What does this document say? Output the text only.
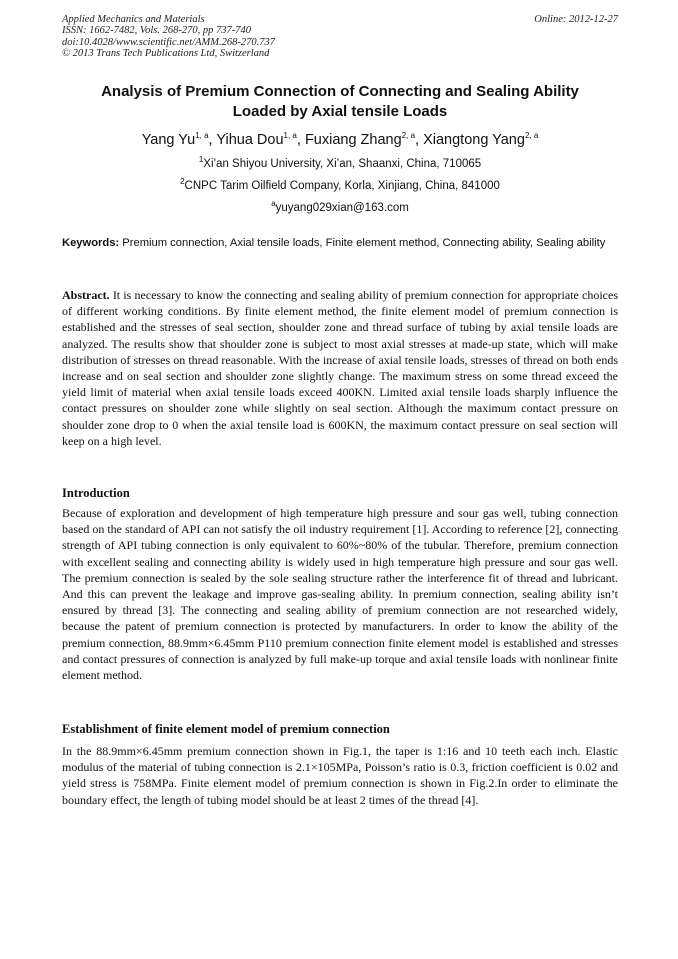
Applied Mechanics and Materials
ISSN: 1662-7482, Vols. 268-270, pp 737-740
doi:10.4028/www.scientific.net/AMM.268-270.737
© 2013 Trans Tech Publications Ltd, Switzerland
Online: 2012-12-27
Analysis of Premium Connection of Connecting and Sealing Ability
Loaded by Axial tensile Loads
Yang Yu$^{1, a}$, Yihua Dou$^{1, a}$, Fuxiang Zhang$^{2, a}$, Xiangtong Yang$^{2, a}$
$^1$Xi’an Shiyou University, Xi’an, Shaanxi, China, 710065
$^2$CNPC Tarim Oilfield Company, Korla, Xinjiang, China, 841000
$^a$yuyang029xian@163.com
Keywords: Premium connection, Axial tensile loads, Finite element method, Connecting ability, Sealing ability
Abstract. It is necessary to know the connecting and sealing ability of premium connection for appropriate choices of different working conditions. By finite element method, the finite element model of premium connection is established and the stresses of seal section, shoulder zone and thread surface of tubing by axial tensile loads are analyzed. The results show that shoulder zone is subject to most axial stresses at made-up state, which will make distribution of stresses on thread reasonable. With the increase of axial tensile loads, stresses of thread on both ends increase and on seal section and shoulder zone slightly change. The maximum stress on some thread exceed the yield limit of material when axial tensile loads exceed 400KN. Limited axial tensile loads sharply influence the contact pressures on shoulder zone while slightly on seal section. Although the maximum contact pressure on shoulder zone drop to 0 when the axial tensile load is 600KN, the maximum contact pressure on seal section will keep on a high level.
Introduction
Because of exploration and development of high temperature high pressure and sour gas well, tubing connection based on the standard of API can not satisfy the oil industry requirement [1]. According to reference [2], connecting strength of API tubing connection is only equivalent to 60%~80% of the tubular. Therefore, premium connection with excellent sealing and connecting ability is widely used in high temperature high pressure and sour gas well. The premium connection is sealed by the sole sealing structure rather the interference fit of thread and lubricant. And this can prevent the leakage and improve gas-sealing ability. In premium connection, sealing ability isn’t ensured by thread [3]. The connecting and sealing ability of premium connection are not researched widely, because the patent of premium connection is protected by manufacturers. In order to know the ability of the premium connection, 88.9mm×6.45mm P110 premium connection finite element model is established and stresses and contact pressures of connection is analyzed by full make-up torque and axial tensile loads with nonlinear finite element method.
Establishment of finite element model of premium connection
In the 88.9mm×6.45mm premium connection shown in Fig.1, the taper is 1:16 and 10 teeth each inch. Elastic modulus of the material of tubing connection is 2.1×105MPa, Poisson’s ratio is 0.3, friction coefficient is 0.02 and yield stress is 758MPa. Finite element model of premium connection is shown in Fig.2.In order to eliminate the boundary effect, the length of tubing model should be at least 2 times of the thread [4].
